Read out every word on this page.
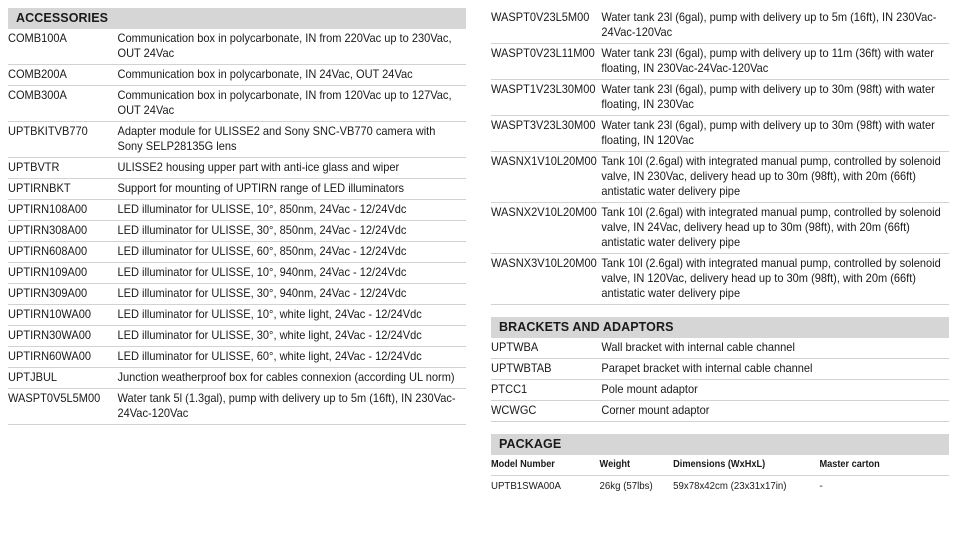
ACCESSORIES
COMB100A	Communication box in polycarbonate, IN from 220Vac up to 230Vac, OUT 24Vac
COMB200A	Communication box in polycarbonate, IN 24Vac, OUT 24Vac
COMB300A	Communication box in polycarbonate, IN from 120Vac up to 127Vac, OUT 24Vac
UPTBKITVB770	Adapter module for ULISSE2 and Sony SNC-VB770 camera with Sony SELP28135G lens
UPTBVTR	ULISSE2 housing upper part with anti-ice glass and wiper
UPTIRNBKT	Support for mounting of UPTIRN range of LED illuminators
UPTIRN108A00	LED illuminator for ULISSE, 10°, 850nm, 24Vac - 12/24Vdc
UPTIRN308A00	LED illuminator for ULISSE, 30°, 850nm, 24Vac - 12/24Vdc
UPTIRN608A00	LED illuminator for ULISSE, 60°, 850nm, 24Vac - 12/24Vdc
UPTIRN109A00	LED illuminator for ULISSE, 10°, 940nm, 24Vac - 12/24Vdc
UPTIRN309A00	LED illuminator for ULISSE, 30°, 940nm, 24Vac - 12/24Vdc
UPTIRN10WA00	LED illuminator for ULISSE, 10°, white light, 24Vac - 12/24Vdc
UPTIRN30WA00	LED illuminator for ULISSE, 30°, white light, 24Vac - 12/24Vdc
UPTIRN60WA00	LED illuminator for ULISSE, 60°, white light, 24Vac - 12/24Vdc
UPTJBUL	Junction weatherproof box for cables connexion (according UL norm)
WASPT0V5L5M00	Water tank 5l (1.3gal), pump with delivery up to 5m (16ft), IN 230Vac-24Vac-120Vac
WASPT0V23L5M00	Water tank 23l (6gal), pump with delivery up to 5m (16ft), IN 230Vac-24Vac-120Vac
WASPT0V23L11M00 Water tank 23l (6gal), pump with delivery up to 11m (36ft) with water floating, IN 230Vac-24Vac-120Vac
WASPT1V23L30M00 Water tank 23l (6gal), pump with delivery up to 30m (98ft) with water floating, IN 230Vac
WASPT3V23L30M00 Water tank 23l (6gal), pump with delivery up to 30m (98ft) with water floating, IN 120Vac
WASNX1V10L20M00 Tank 10l (2.6gal) with integrated manual pump, controlled by solenoid valve, IN 230Vac, delivery head up to 30m (98ft), with 20m (66ft) antistatic water delivery pipe
WASNX2V10L20M00 Tank 10l (2.6gal) with integrated manual pump, controlled by solenoid valve, IN 24Vac, delivery head up to 30m (98ft), with 20m (66ft) antistatic water delivery pipe
WASNX3V10L20M00 Tank 10l (2.6gal) with integrated manual pump, controlled by solenoid valve, IN 120Vac, delivery head up to 30m (98ft), with 20m (66ft) antistatic water delivery pipe
BRACKETS AND ADAPTORS
UPTWBA	Wall bracket with internal cable channel
UPTWBTAB	Parapet bracket with internal cable channel
PTCC1	Pole mount adaptor
WCWGC	Corner mount adaptor
PACKAGE
Model Number	Weight	Dimensions (WxHxL)	Master carton
UPTB1SWA00A	26kg (57lbs)	59x78x42cm (23x31x17in)	-
